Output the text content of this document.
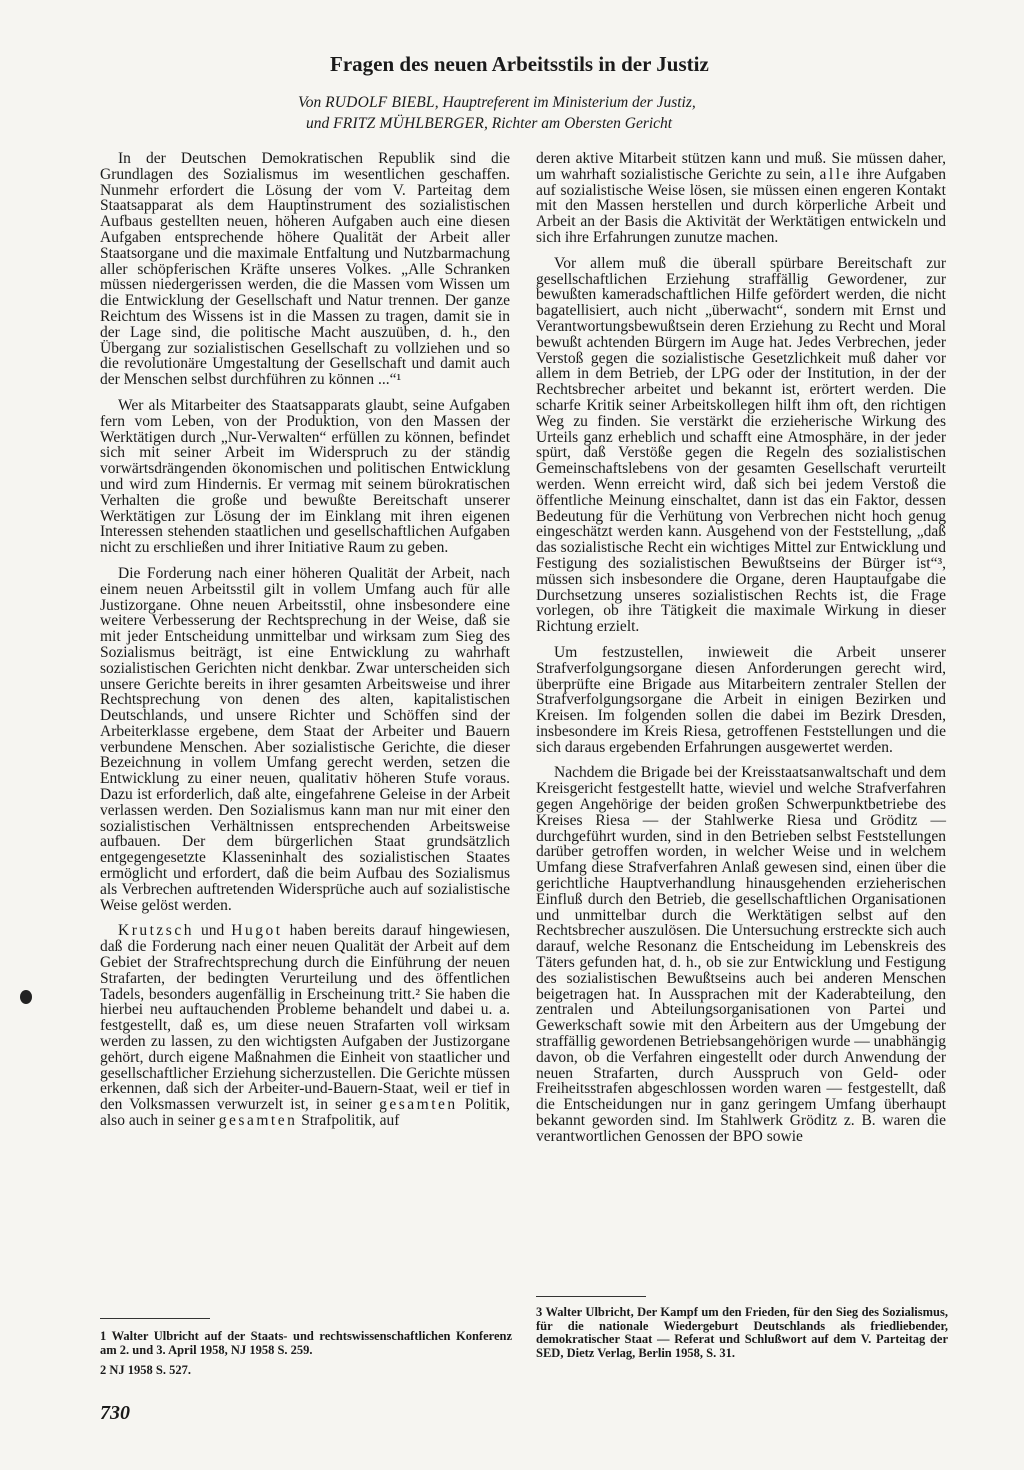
Fragen des neuen Arbeitsstils in der Justiz
Von RUDOLF BIEBL, Hauptreferent im Ministerium der Justiz,
und FRITZ MÜHLBERGER, Richter am Obersten Gericht

In der Deutschen Demokratischen Republik sind die Grundlagen des Sozialismus im wesentlichen geschaffen. Nunmehr erfordert die Lösung der vom V. Parteitag dem Staatsapparat als dem Hauptinstrument des sozialistischen Aufbaus gestellten neuen, höheren Aufgaben auch eine diesen Aufgaben entsprechende höhere Qualität der Arbeit aller Staatsorgane und die maximale Entfaltung und Nutzbarmachung aller schöpferischen Kräfte unseres Volkes. „Alle Schranken müssen niedergerissen werden, die die Massen vom Wissen um die Entwicklung der Gesellschaft und Natur trennen. Der ganze Reichtum des Wissens ist in die Massen zu tragen, damit sie in der Lage sind, die politische Macht auszuüben, d. h., den Übergang zur sozialistischen Gesellschaft zu vollziehen und so die revolutionäre Umgestaltung der Gesellschaft und damit auch der Menschen selbst durchführen zu können ...“¹

Wer als Mitarbeiter des Staatsapparats glaubt, seine Aufgaben fern vom Leben, von der Produktion, von den Massen der Werktätigen durch „Nur-Verwalten“ erfüllen zu können, befindet sich mit seiner Arbeit im Widerspruch zu der ständig vorwärtsdrängenden ökonomischen und politischen Entwicklung und wird zum Hindernis. Er vermag mit seinem bürokratischen Verhalten die große und bewußte Bereitschaft unserer Werktätigen zur Lösung der im Einklang mit ihren eigenen Interessen stehenden staatlichen und gesellschaftlichen Aufgaben nicht zu erschließen und ihrer Initiative Raum zu geben.

Die Forderung nach einer höheren Qualität der Arbeit, nach einem neuen Arbeitsstil gilt in vollem Umfang auch für alle Justizorgane. Ohne neuen Arbeitsstil, ohne insbesondere eine weitere Verbesserung der Rechtsprechung in der Weise, daß sie mit jeder Entscheidung unmittelbar und wirksam zum Sieg des Sozialismus beiträgt, ist eine Entwicklung zu wahrhaft sozialistischen Gerichten nicht denkbar. Zwar unterscheiden sich unsere Gerichte bereits in ihrer gesamten Arbeitsweise und ihrer Rechtsprechung von denen des alten, kapitalistischen Deutschlands, und unsere Richter und Schöffen sind der Arbeiterklasse ergebene, dem Staat der Arbeiter und Bauern verbundene Menschen. Aber sozialistische Gerichte, die dieser Bezeichnung in vollem Umfang gerecht werden, setzen die Entwicklung zu einer neuen, qualitativ höheren Stufe voraus. Dazu ist erforderlich, daß alte, eingefahrene Geleise in der Arbeit verlassen werden. Den Sozialismus kann man nur mit einer den sozialistischen Verhältnissen entsprechenden Arbeitsweise aufbauen. Der dem bürgerlichen Staat grundsätzlich entgegengesetzte Klasseninhalt des sozialistischen Staates ermöglicht und erfordert, daß die beim Aufbau des Sozialismus als Verbrechen auftretenden Widersprüche auch auf sozialistische Weise gelöst werden.

Krutzsch und Hugot haben bereits darauf hingewiesen, daß die Forderung nach einer neuen Qualität der Arbeit auf dem Gebiet der Strafrechtsprechung durch die Einführung der neuen Strafarten, der bedingten Verurteilung und des öffentlichen Tadels, besonders augenfällig in Erscheinung tritt.² Sie haben die hierbei neu auftauchenden Probleme behandelt und dabei u. a. festgestellt, daß es, um diese neuen Strafarten voll wirksam werden zu lassen, zu den wichtigsten Aufgaben der Justizorgane gehört, durch eigene Maßnahmen die Einheit von staatlicher und gesellschaftlicher Erziehung sicherzustellen. Die Gerichte müssen erkennen, daß sich der Arbeiter-und-Bauern-Staat, weil er tief in den Volksmassen verwurzelt ist, in seiner gesamten Politik, also auch in seiner gesamten Strafpolitik, auf

deren aktive Mitarbeit stützen kann und muß. Sie müssen daher, um wahrhaft sozialistische Gerichte zu sein, alle ihre Aufgaben auf sozialistische Weise lösen, sie müssen einen engeren Kontakt mit den Massen herstellen und durch körperliche Arbeit und Arbeit an der Basis die Aktivität der Werktätigen entwickeln und sich ihre Erfahrungen zunutze machen.

Vor allem muß die überall spürbare Bereitschaft zur gesellschaftlichen Erziehung straffällig Gewordener, zur bewußten kameradschaftlichen Hilfe gefördert werden, die nicht bagatellisiert, auch nicht „überwacht“, sondern mit Ernst und Verantwortungsbewußtsein deren Erziehung zu Recht und Moral bewußt achtenden Bürgern im Auge hat. Jedes Verbrechen, jeder Verstoß gegen die sozialistische Gesetzlichkeit muß daher vor allem in dem Betrieb, der LPG oder der Institution, in der der Rechtsbrecher arbeitet und bekannt ist, erörtert werden. Die scharfe Kritik seiner Arbeitskollegen hilft ihm oft, den richtigen Weg zu finden. Sie verstärkt die erzieherische Wirkung des Urteils ganz erheblich und schafft eine Atmosphäre, in der jeder spürt, daß Verstöße gegen die Regeln des sozialistischen Gemeinschaftslebens von der gesamten Gesellschaft verurteilt werden. Wenn erreicht wird, daß sich bei jedem Verstoß die öffentliche Meinung einschaltet, dann ist das ein Faktor, dessen Bedeutung für die Verhütung von Verbrechen nicht hoch genug eingeschätzt werden kann. Ausgehend von der Feststellung, „daß das sozialistische Recht ein wichtiges Mittel zur Entwicklung und Festigung des sozialistischen Bewußtseins der Bürger ist“³, müssen sich insbesondere die Organe, deren Hauptaufgabe die Durchsetzung unseres sozialistischen Rechts ist, die Frage vorlegen, ob ihre Tätigkeit die maximale Wirkung in dieser Richtung erzielt.

Um festzustellen, inwieweit die Arbeit unserer Strafverfolgungsorgane diesen Anforderungen gerecht wird, überprüfte eine Brigade aus Mitarbeitern zentraler Stellen der Strafverfolgungsorgane die Arbeit in einigen Bezirken und Kreisen. Im folgenden sollen die dabei im Bezirk Dresden, insbesondere im Kreis Riesa, getroffenen Feststellungen und die sich daraus ergebenden Erfahrungen ausgewertet werden.

Nachdem die Brigade bei der Kreisstaatsanwaltschaft und dem Kreisgericht festgestellt hatte, wieviel und welche Strafverfahren gegen Angehörige der beiden großen Schwerpunktbetriebe des Kreises Riesa — der Stahlwerke Riesa und Gröditz — durchgeführt wurden, sind in den Betrieben selbst Feststellungen darüber getroffen worden, in welcher Weise und in welchem Umfang diese Strafverfahren Anlaß gewesen sind, einen über die gerichtliche Hauptverhandlung hinausgehenden erzieherischen Einfluß durch den Betrieb, die gesellschaftlichen Organisationen und unmittelbar durch die Werktätigen selbst auf den Rechtsbrecher auszulösen. Die Untersuchung erstreckte sich auch darauf, welche Resonanz die Entscheidung im Lebenskreis des Täters gefunden hat, d. h., ob sie zur Entwicklung und Festigung des sozialistischen Bewußtseins auch bei anderen Menschen beigetragen hat. In Aussprachen mit der Kaderabteilung, den zentralen und Abteilungsorganisationen von Partei und Gewerkschaft sowie mit den Arbeitern aus der Umgebung der straffällig gewordenen Betriebsangehörigen wurde — unabhängig davon, ob die Verfahren eingestellt oder durch Anwendung der neuen Strafarten, durch Ausspruch von Geld- oder Freiheitsstrafen abgeschlossen worden waren — festgestellt, daß die Entscheidungen nur in ganz geringem Umfang überhaupt bekannt geworden sind. Im Stahlwerk Gröditz z. B. waren die verantwortlichen Genossen der BPO sowie

1 Walter Ulbricht auf der Staats- und rechtswissenschaftlichen Konferenz am 2. und 3. April 1958, NJ 1958 S. 259.
2 NJ 1958 S. 527.
3 Walter Ulbricht, Der Kampf um den Frieden, für den Sieg des Sozialismus, für die nationale Wiedergeburt Deutschlands als friedliebender, demokratischer Staat — Referat und Schlußwort auf dem V. Parteitag der SED, Dietz Verlag, Berlin 1958, S. 31.
730
